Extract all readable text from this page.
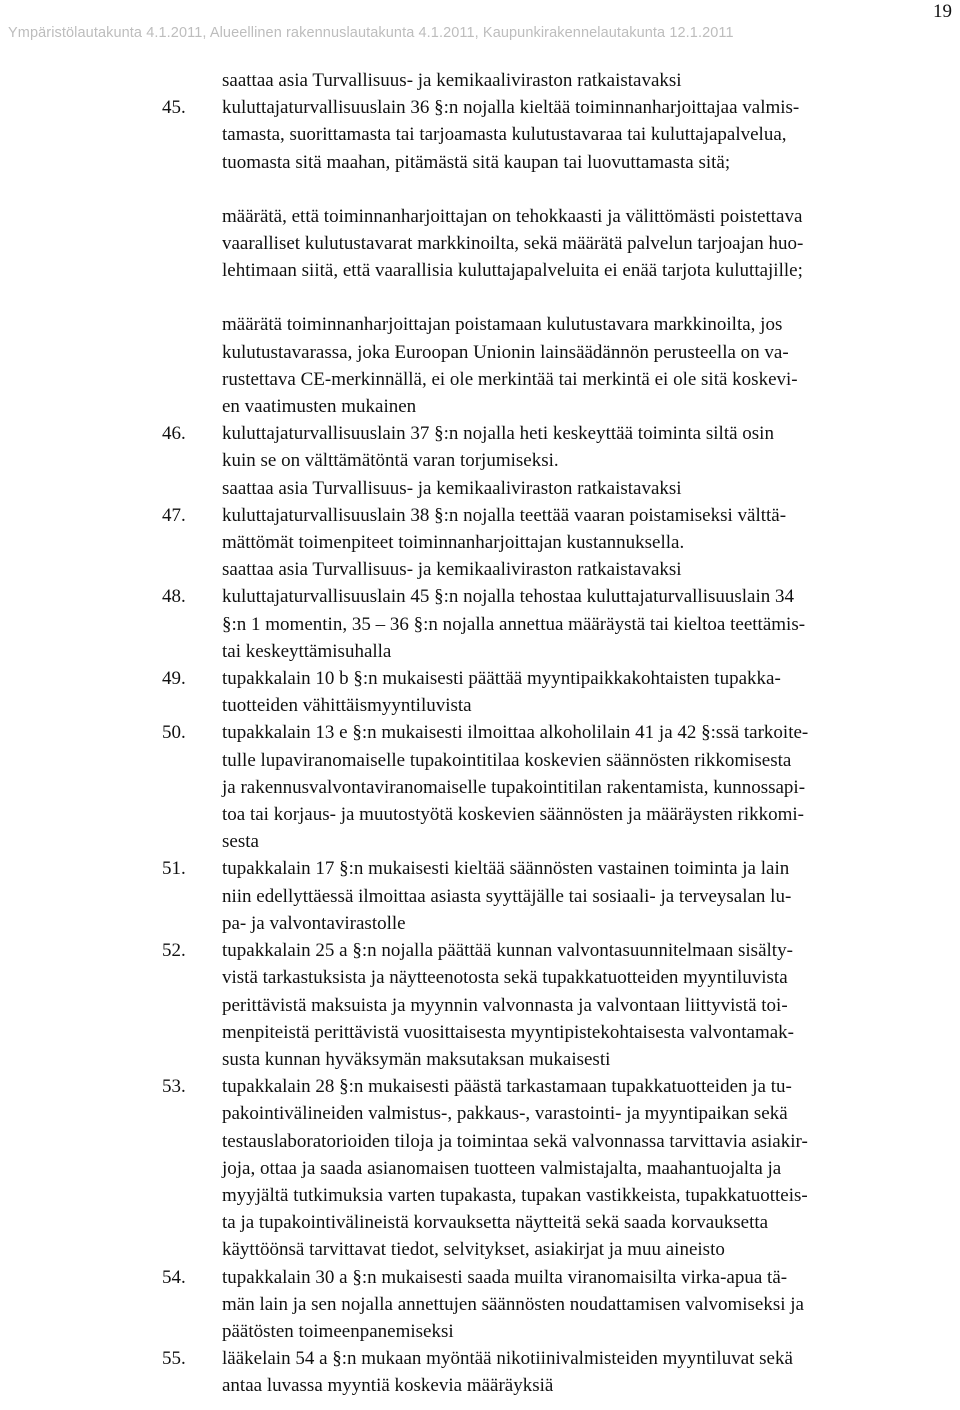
Ympäristölautakunta 4.1.2011, Alueellinen rakennuslautakunta 4.1.2011, Kaupunkirakennelautakunta 12.1.2011
19
saattaa asia Turvallisuus- ja kemikaaliviraston ratkaistavaksi
45. kuluttajaturvallisuuslain 36 §:n nojalla kieltää toiminnanharjoittajaa valmis-
tamasta, suorittamasta tai tarjoamasta kulutustavaraa tai kuluttajapalvelua,
tuomasta sitä maahan, pitämästä sitä kaupan tai luovuttamasta sitä;
määrätä, että toiminnanharjoittajan on tehokkaasti ja välittömästi poistettava
vaaralliset kulutustavarat markkinoilta, sekä määrätä palvelun tarjoajan huo-
lehtimaan siitä, että vaarallisia kuluttajapalveluita ei enää tarjota kuluttajille;
määrätä toiminnanharjoittajan poistamaan kulutustavara markkinoilta, jos
kulutustavarassa, joka Euroopan Unionin lainsäädännön perusteella on va-
rustettava CE-merkinnällä, ei ole merkintää tai merkintä ei ole sitä koskevi-
en vaatimusten mukainen
46. kuluttajaturvallisuuslain 37 §:n nojalla heti keskeyttää toiminta siltä osin
kuin se on välttämätöntä varan torjumiseksi.
saattaa asia Turvallisuus- ja kemikaaliviraston ratkaistavaksi
47. kuluttajaturvallisuuslain 38 §:n nojalla teettää vaaran poistamiseksi välttä-
mättömät toimenpiteet toiminnanharjoittajan kustannuksella.
saattaa asia Turvallisuus- ja kemikaaliviraston ratkaistavaksi
48. kuluttajaturvallisuuslain 45 §:n nojalla tehostaa kuluttajaturvallisuuslain 34
§:n 1 momentin, 35 – 36 §:n nojalla annettua määräystä tai kieltoa teettämis-
tai keskeyttämisuhalla
49. tupakkalain 10 b §:n mukaisesti päättää myyntipaikkakohtaisten tupakka-
tuotteiden vähittäismyyntiluvista
50. tupakkalain 13 e §:n mukaisesti ilmoittaa alkoholilain 41 ja 42 §:ssä tarkoite-
tulle lupaviranomaiselle tupakointitilaa koskevien säännösten rikkomisesta
ja rakennusvalvontaviranomaiselle tupakointitilan rakentamista, kunnossapi-
toa tai korjaus- ja muutostyötä koskevien säännösten ja määräysten rikkomi-
sesta
51. tupakkalain 17 §:n mukaisesti kieltää säännösten vastainen toiminta ja lain
niin edellyttäessä ilmoittaa asiasta syyttäjälle tai sosiaali- ja terveysalan lu-
pa- ja valvontavirastolle
52. tupakkalain 25 a §:n nojalla päättää kunnan valvontasuunnitelmaan sisälty-
vistä tarkastuksista ja näytteenotosta sekä tupakkatuotteiden myyntiluvista
perittävistä maksuista ja myynnin valvonnasta ja valvontaan liittyvistä toi-
menpiteistä perittävistä vuosittaisesta myyntipistekohtaisesta valvontamak-
susta kunnan hyväksymän maksutaksan mukaisesti
53. tupakkalain 28 §:n mukaisesti päästä tarkastamaan tupakkatuotteiden ja tu-
pakointivälineiden valmistus-, pakkaus-, varastointi- ja myyntipaikan sekä
testauslaboratorioiden tiloja ja toimintaa sekä valvonnassa tarvittavia asiakir-
joja, ottaa ja saada asianomaisen tuotteen valmistajalta, maahantuojalta ja
myyjältä tutkimuksia varten tupakasta, tupakan vastikkeista, tupakkatuotteis-
ta ja tupakointivälineistä korvauksetta näytteitä sekä saada korvauksetta
käyttöönsä tarvittavat tiedot, selvitykset, asiakirjat ja muu aineisto
54. tupakkalain 30 a §:n mukaisesti saada muilta viranomaisilta virka-apua tä-
män lain ja sen nojalla annettujen säännösten noudattamisen valvomiseksi ja
päätösten toimeenpanemiseksi
55. lääkelain 54 a §:n mukaan myöntää nikotiinivalmisteiden myyntiluvat sekä
antaa luvassa myyntiä koskevia määräyksiä
